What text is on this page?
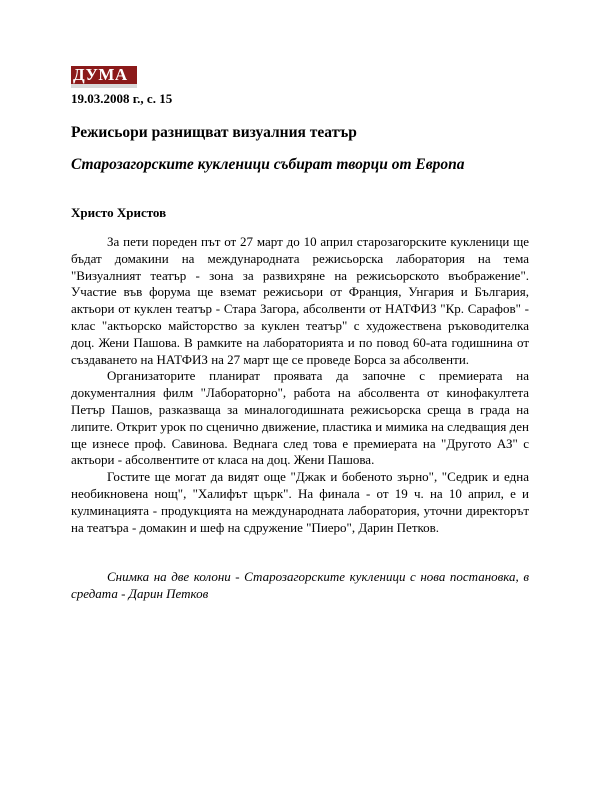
ДУМА
19.03.2008 г., с. 15
Режисьори разнищват визуалния театър
Старозагорските кукленици събират творци от Европа
Христо Христов

За пети пореден път от 27 март до 10 април старозагорските кукленици ще бъдат домакини на международната режисьорска лаборатория на тема "Визуалният театър - зона за развихряне на режисьорското въображение". Участие във форума ще вземат режисьори от Франция, Унгария и България, актьори от куклен театър - Стара Загора, абсолвенти от НАТФИЗ "Кр. Сарафов" - клас "актьорско майсторство за куклен театър" с художествена ръководителка доц. Жени Пашова. В рамките на лабораторията и по повод 60-ата годишнина от създаването на НАТФИЗ на 27 март ще се проведе Борса за абсолвенти.

Организаторите планират проявата да започне с премиерата на документалния филм "Лабораторно", работа на абсолвента от кинофакултета Петър Пашов, разказваща за миналогодишната режисьорска среща в града на липите. Открит урок по сценично движение, пластика и мимика на следващия ден ще изнесе проф. Савинова. Веднага след това е премиерата на "Другото АЗ" с актьори - абсолвентите от класа на доц. Жени Пашова.

Гостите ще могат да видят още "Джак и бобеното зърно", "Седрик и една необикновена нощ", "Халифът щърк". На финала - от 19 ч. на 10 април, е и кулминацията - продукцията на международната лаборатория, уточни директорът на театъра - домакин и шеф на сдружение "Пиеро", Дарин Петков.

Снимка на две колони - Старозагорските кукленици с нова постановка, в средата - Дарин Петков
